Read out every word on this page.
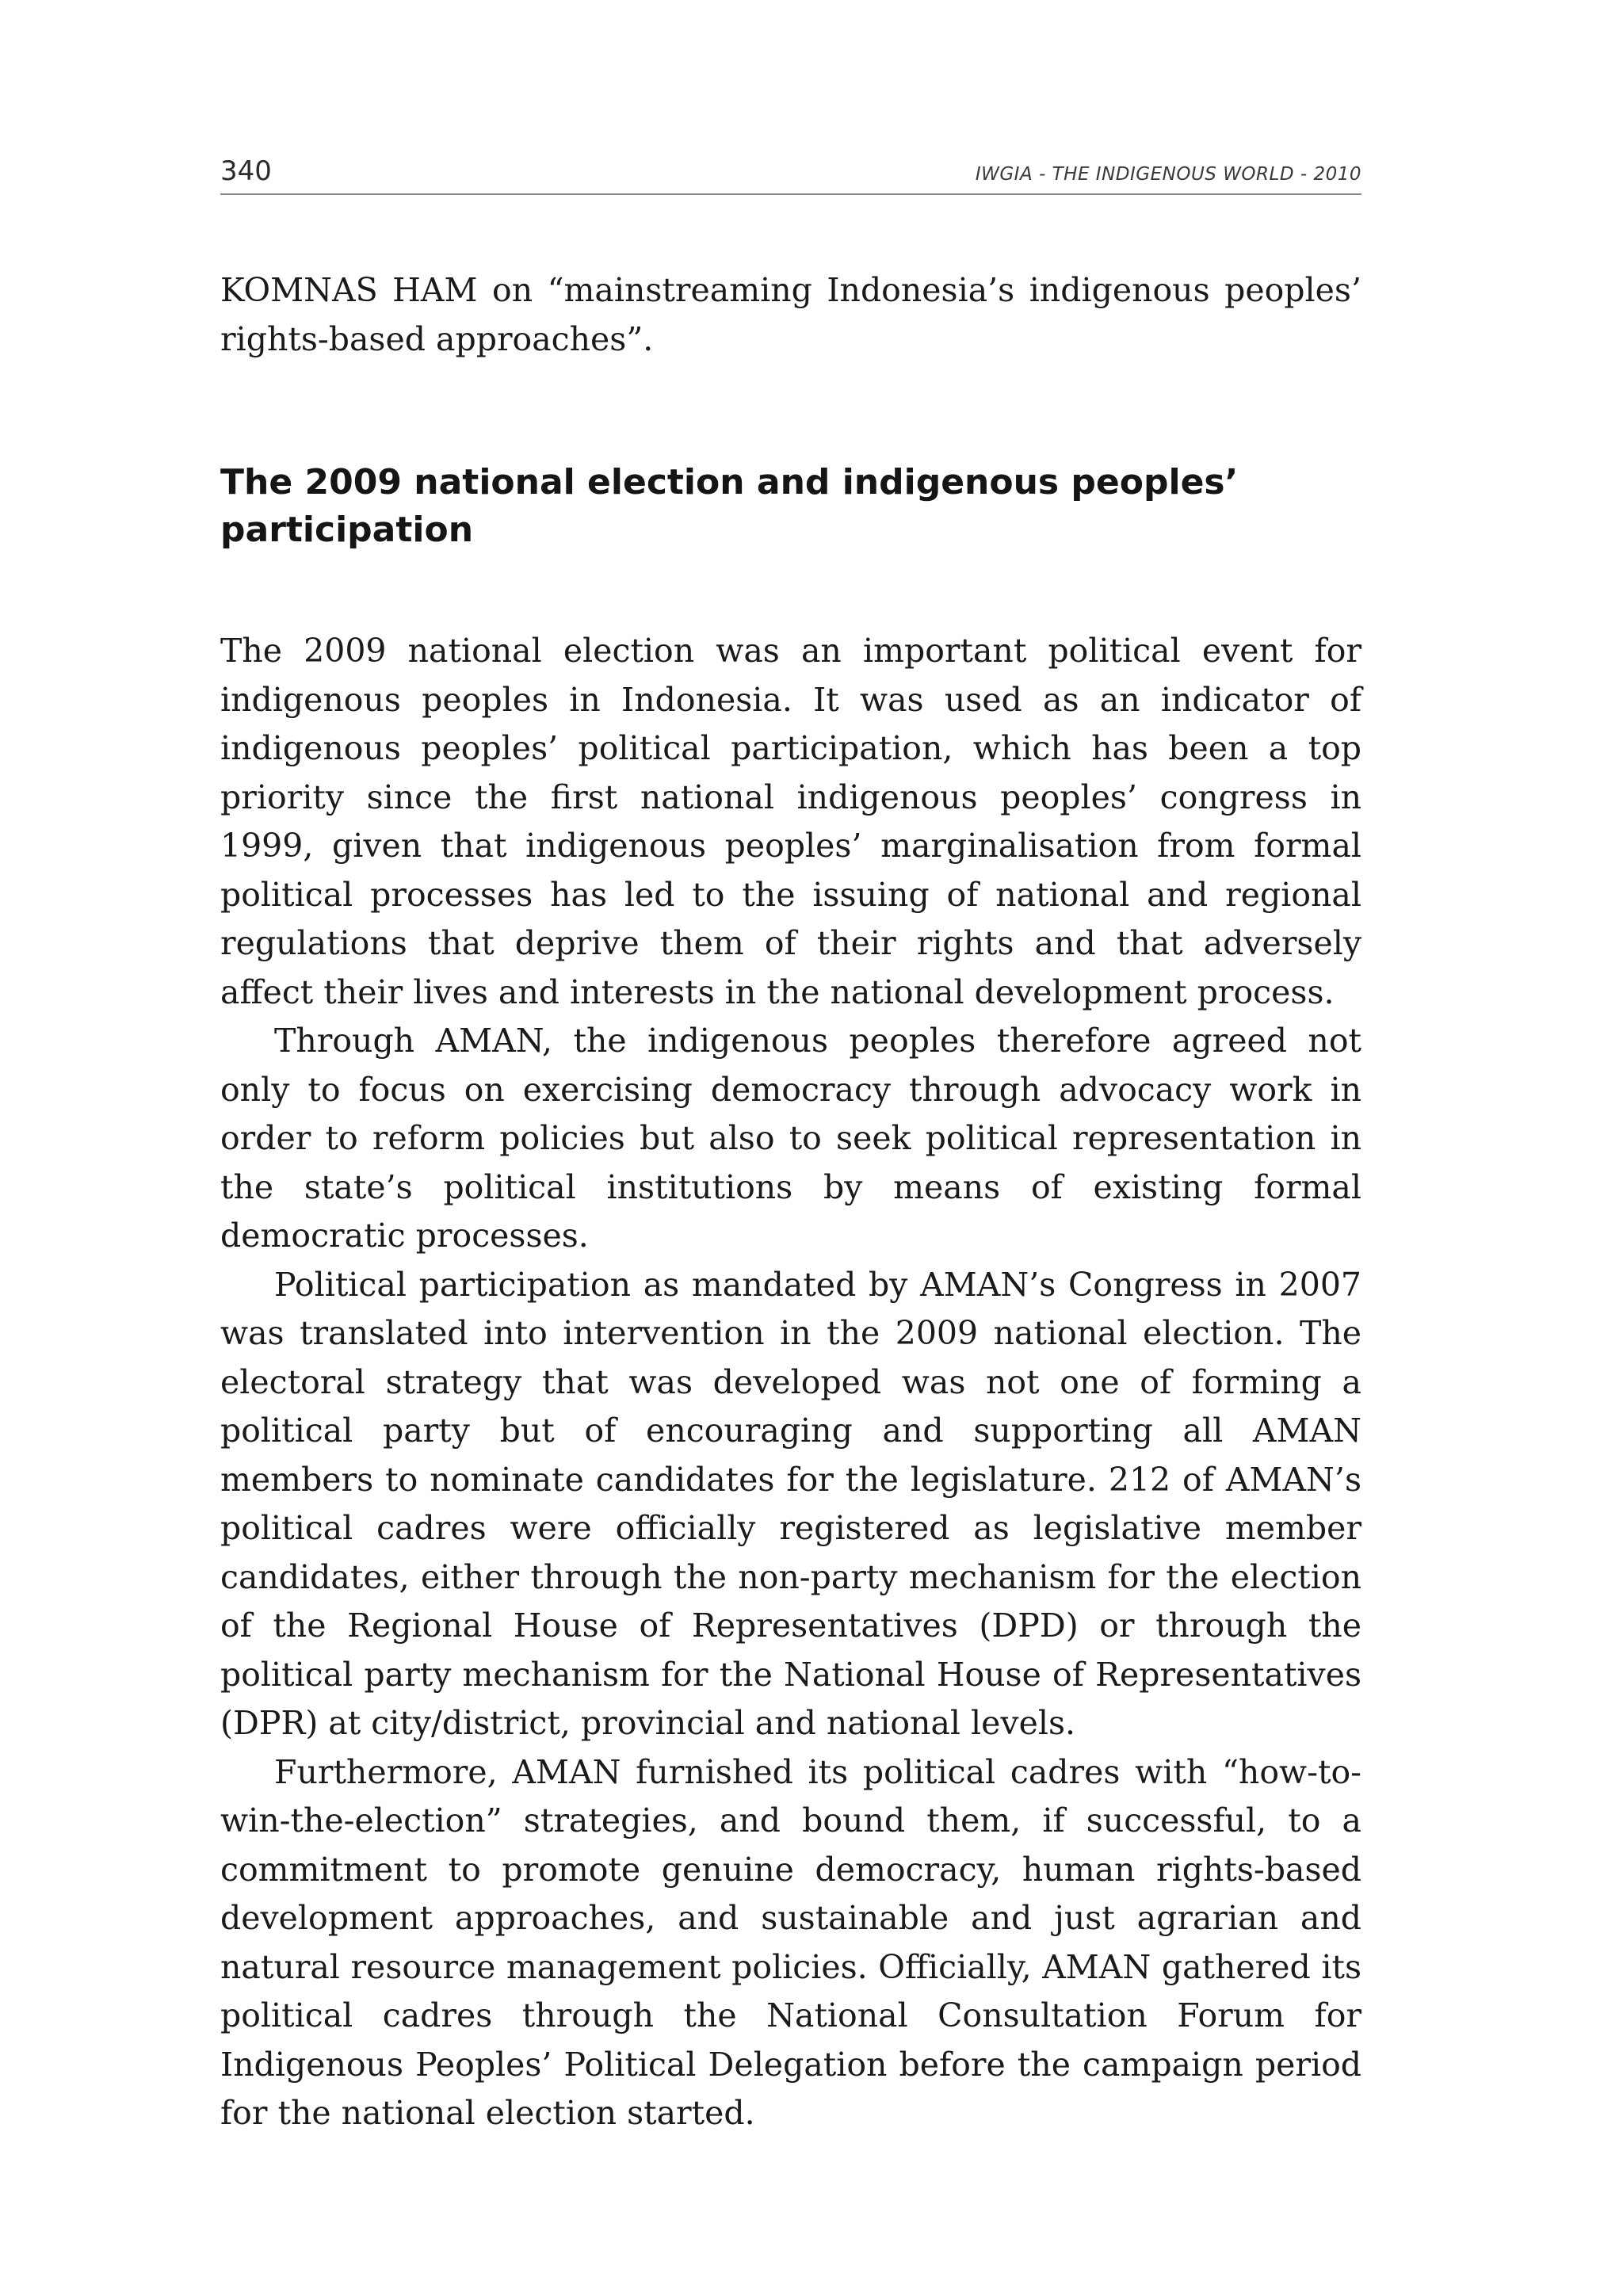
340	IWGIA - THE INDIGENOUS WORLD - 2010

KOMNAS HAM on “mainstreaming Indonesia’s indigenous peoples’ rights-based approaches”.

The 2009 national election and indigenous peoples’ participation

The 2009 national election was an important political event for indigenous peoples in Indonesia. It was used as an indicator of indigenous peoples’ political participation, which has been a top priority since the first national indigenous peoples’ congress in 1999, given that indigenous peoples’ marginalisation from formal political processes has led to the issuing of national and regional regulations that deprive them of their rights and that adversely affect their lives and interests in the national development process.

Through AMAN, the indigenous peoples therefore agreed not only to focus on exercising democracy through advocacy work in order to reform policies but also to seek political representation in the state’s political institutions by means of existing formal democratic processes.

Political participation as mandated by AMAN’s Congress in 2007 was translated into intervention in the 2009 national election. The electoral strategy that was developed was not one of forming a political party but of encouraging and supporting all AMAN members to nominate candidates for the legislature. 212 of AMAN’s political cadres were officially registered as legislative member candidates, either through the non-party mechanism for the election of the Regional House of Representatives (DPD) or through the political party mechanism for the National House of Representatives (DPR) at city/district, provincial and national levels.

Furthermore, AMAN furnished its political cadres with “how-to-win-the-election” strategies, and bound them, if successful, to a commitment to promote genuine democracy, human rights-based development approaches, and sustainable and just agrarian and natural resource management policies. Officially, AMAN gathered its political cadres through the National Consultation Forum for Indigenous Peoples’ Political Delegation before the campaign period for the national election started.
